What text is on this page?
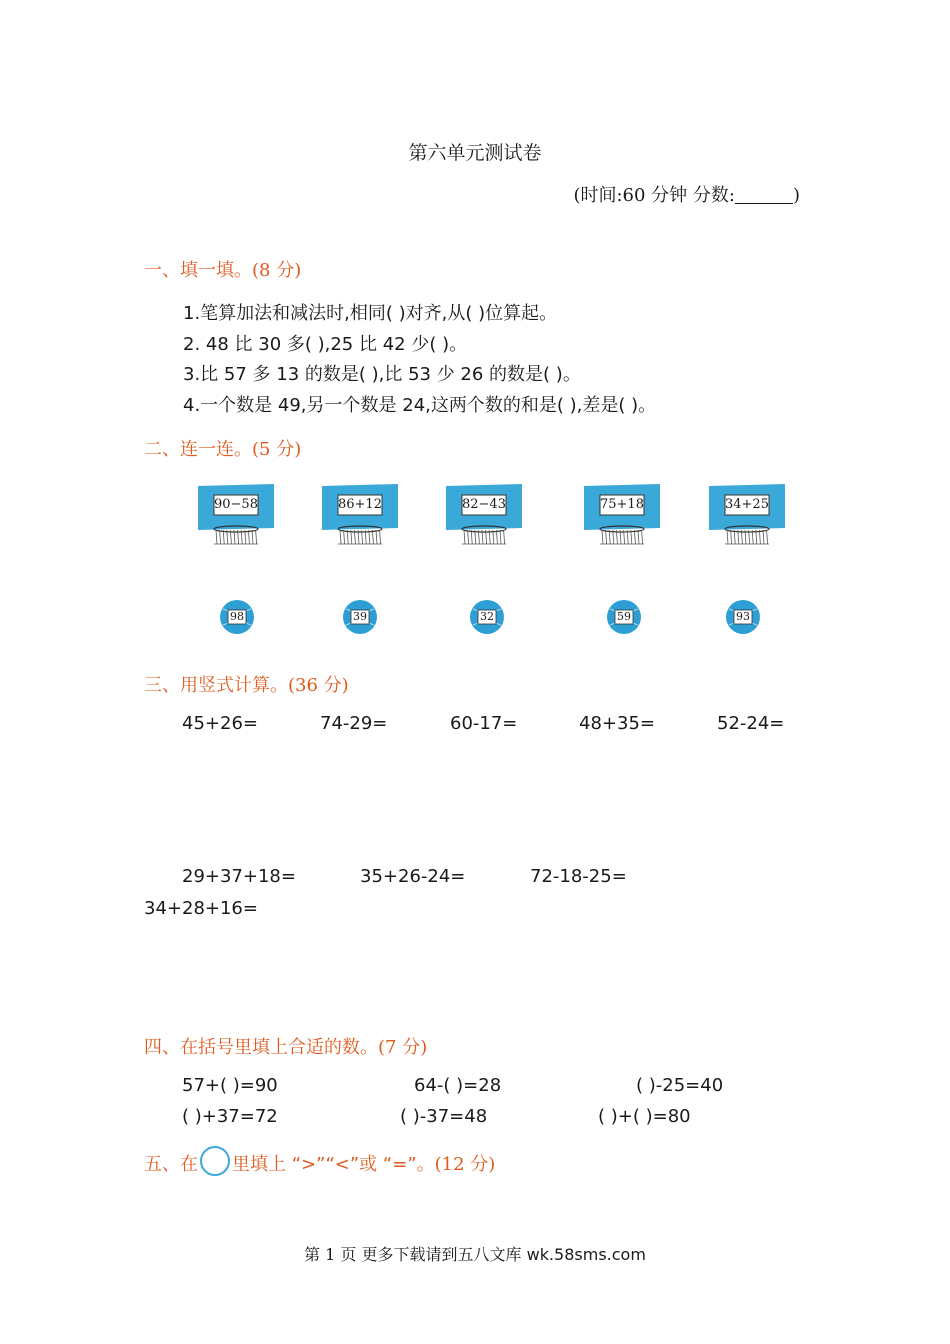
第六单元测试卷
(时间:60 分钟 分数:	)
一、填一填。(8 分)
1.笔算加法和减法时,相同( )对齐,从( )位算起。
2. 48 比 30 多( ),25 比 42 少( )。
3.比 57 多 13 的数是( ),比 53 少 26 的数是( )。
4.一个数是 49,另一个数是 24,这两个数的和是( ),差是( )。
二、连一连。(5 分)
90−58	86+12	82−43	75+18	34+25
98	39	32	59	93
三、用竖式计算。(36 分)
45+26=	74-29=	60-17=	48+35=	52-24=
29+37+18=	35+26-24=	72-18-25=
34+28+16=
四、在括号里填上合适的数。(7 分)
57+( )=90	64-( )=28	( )-25=40
( )+37=72	( )-37=48	( )+( )=80
五、在 里填上 “>”“<”或 “=”。(12 分)
第 1 页 更多下载请到五八文库 wk.58sms.com
